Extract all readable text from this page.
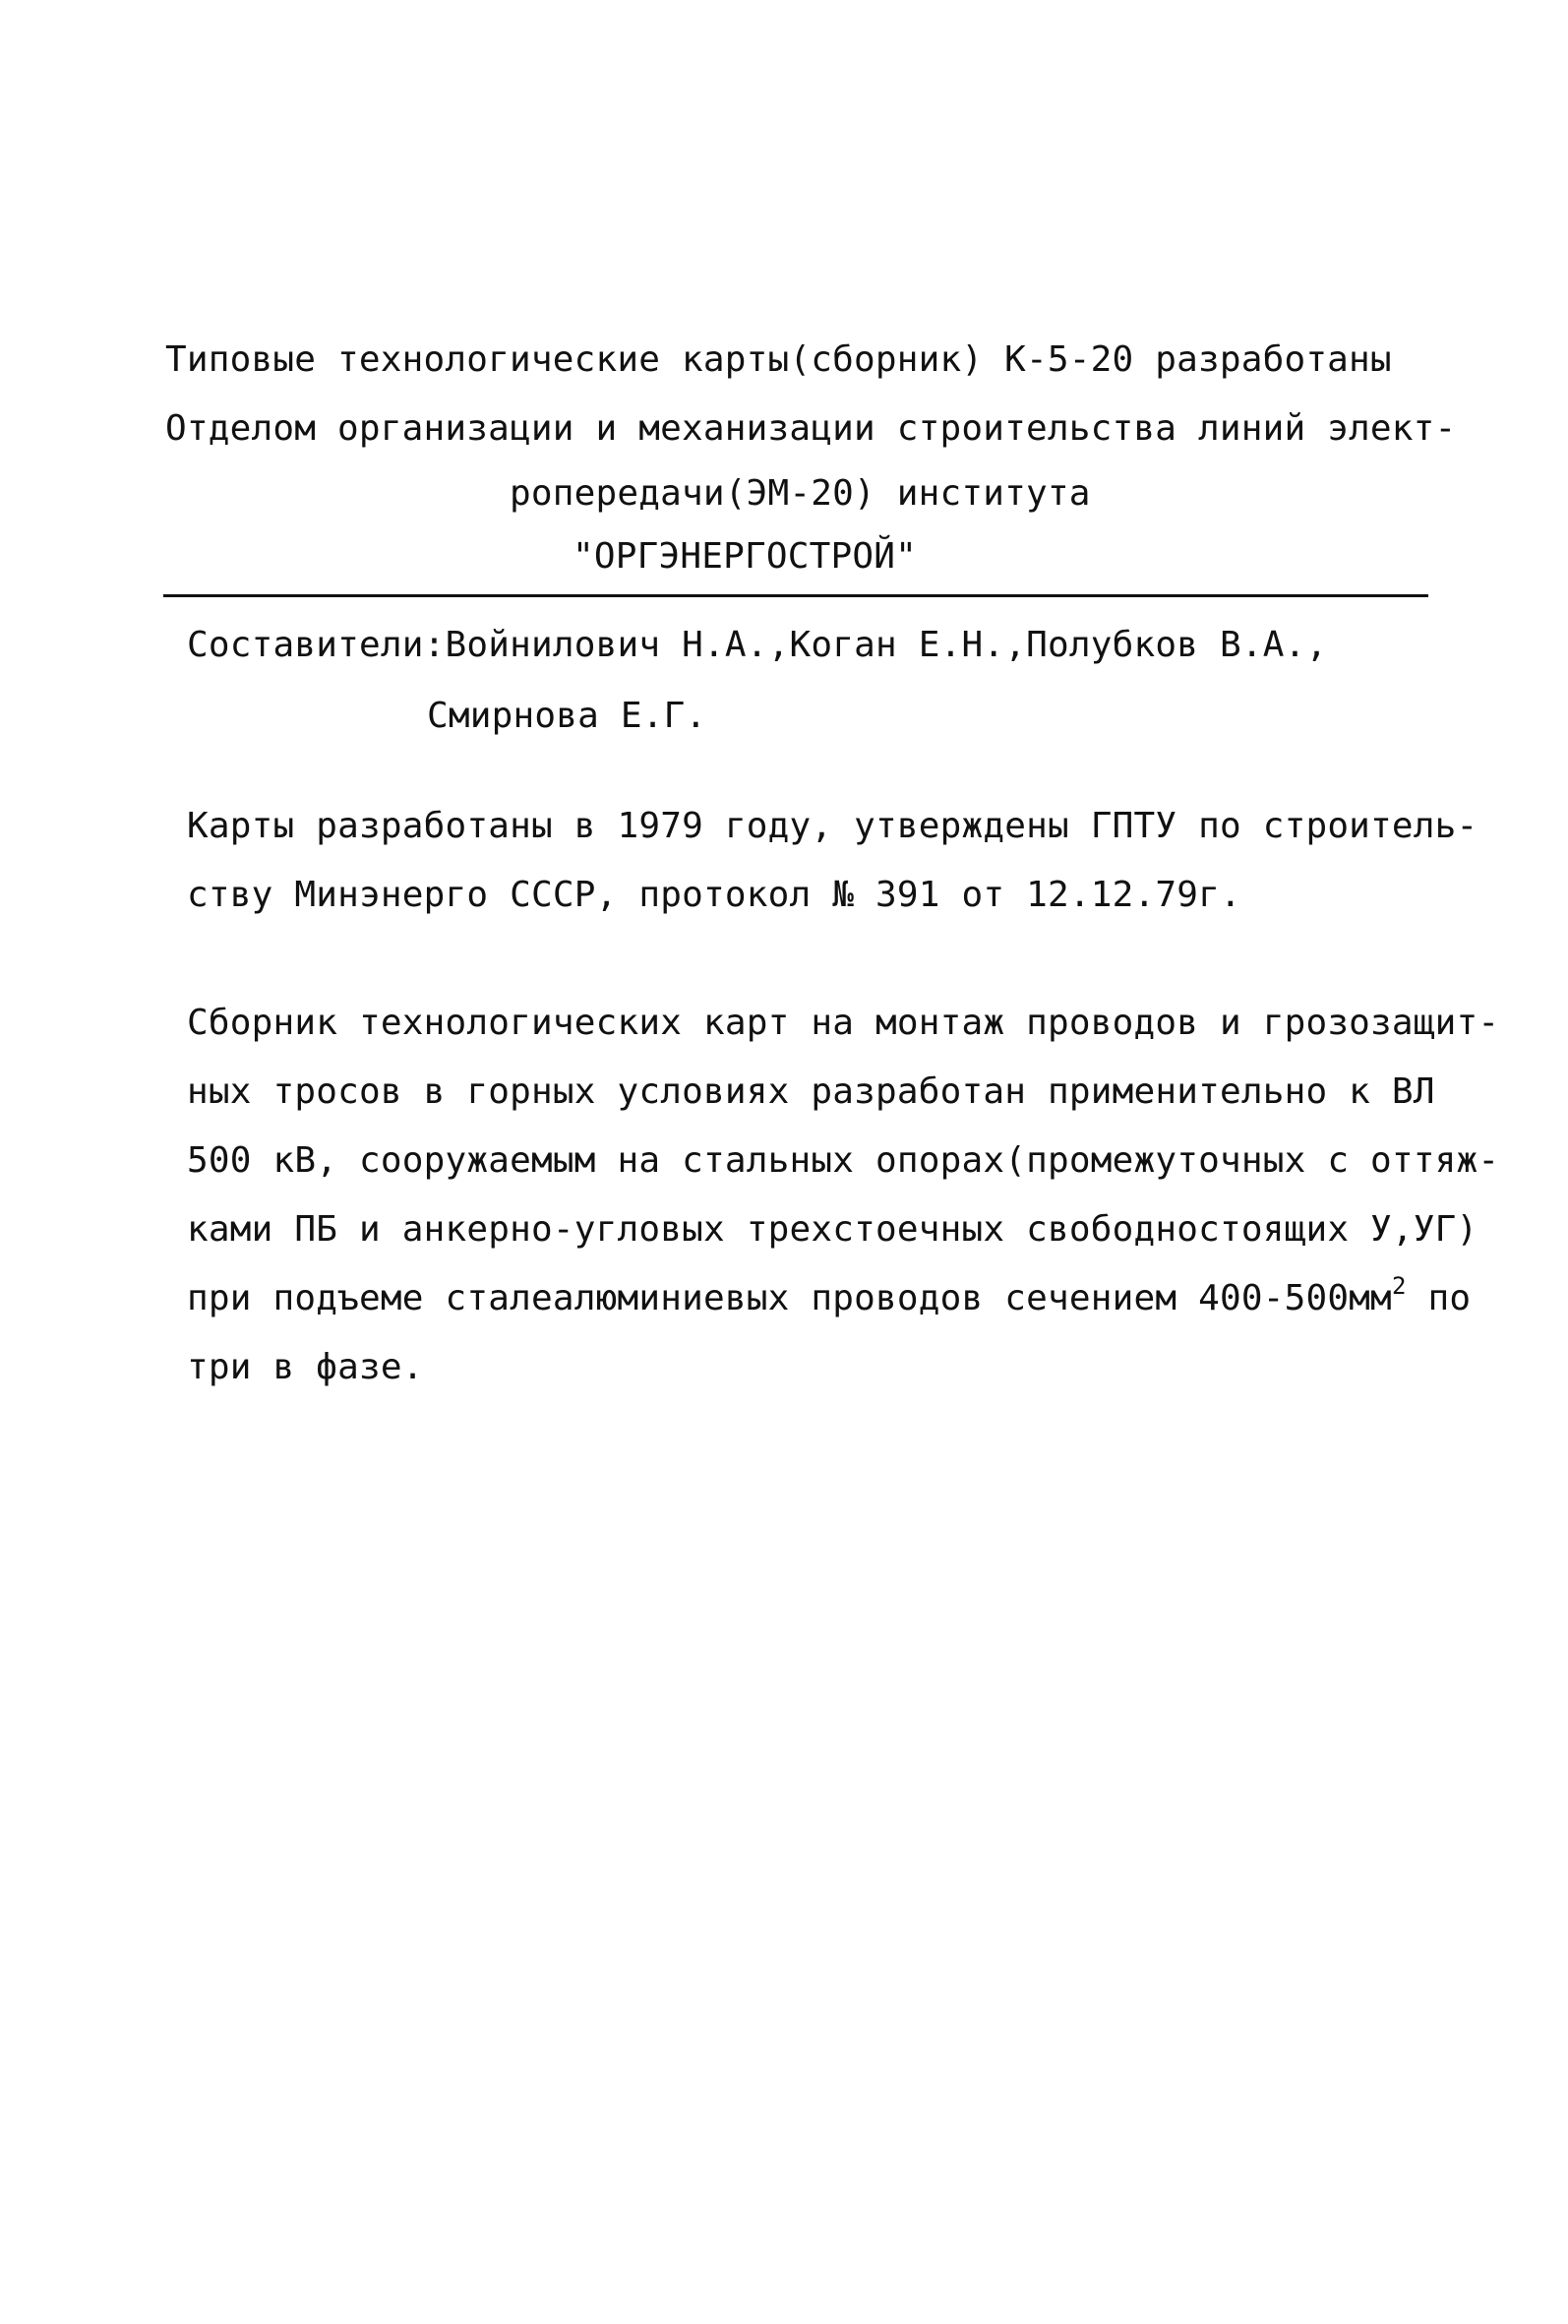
Типовые технологические карты(сборник) К-5-20 разработаны
Отделом организации и механизации строительства линий элект-
ропередачи(ЭМ-20) института
"ОРГЭНЕРГОСТРОЙ"
Составители:Войнилович Н.А.,Коган Е.Н.,Полубков В.А.,
Смирнова Е.Г.
Карты разработаны в 1979 году, утверждены ГПТУ по строитель-
ству Минэнерго СССР, протокол № 391 от 12.12.79г.
Сборник технологических карт на монтаж проводов и грозозащит-
ных тросов в горных условиях разработан применительно к ВЛ
500 кВ, сооружаемым на стальных опорах(промежуточных с оттяж-
ками ПБ и анкерно-угловых трехстоечных свободностоящих У,УГ)
при подъеме сталеалюминиевых проводов сечением $400-500мм^2$ по
три в фазе.
